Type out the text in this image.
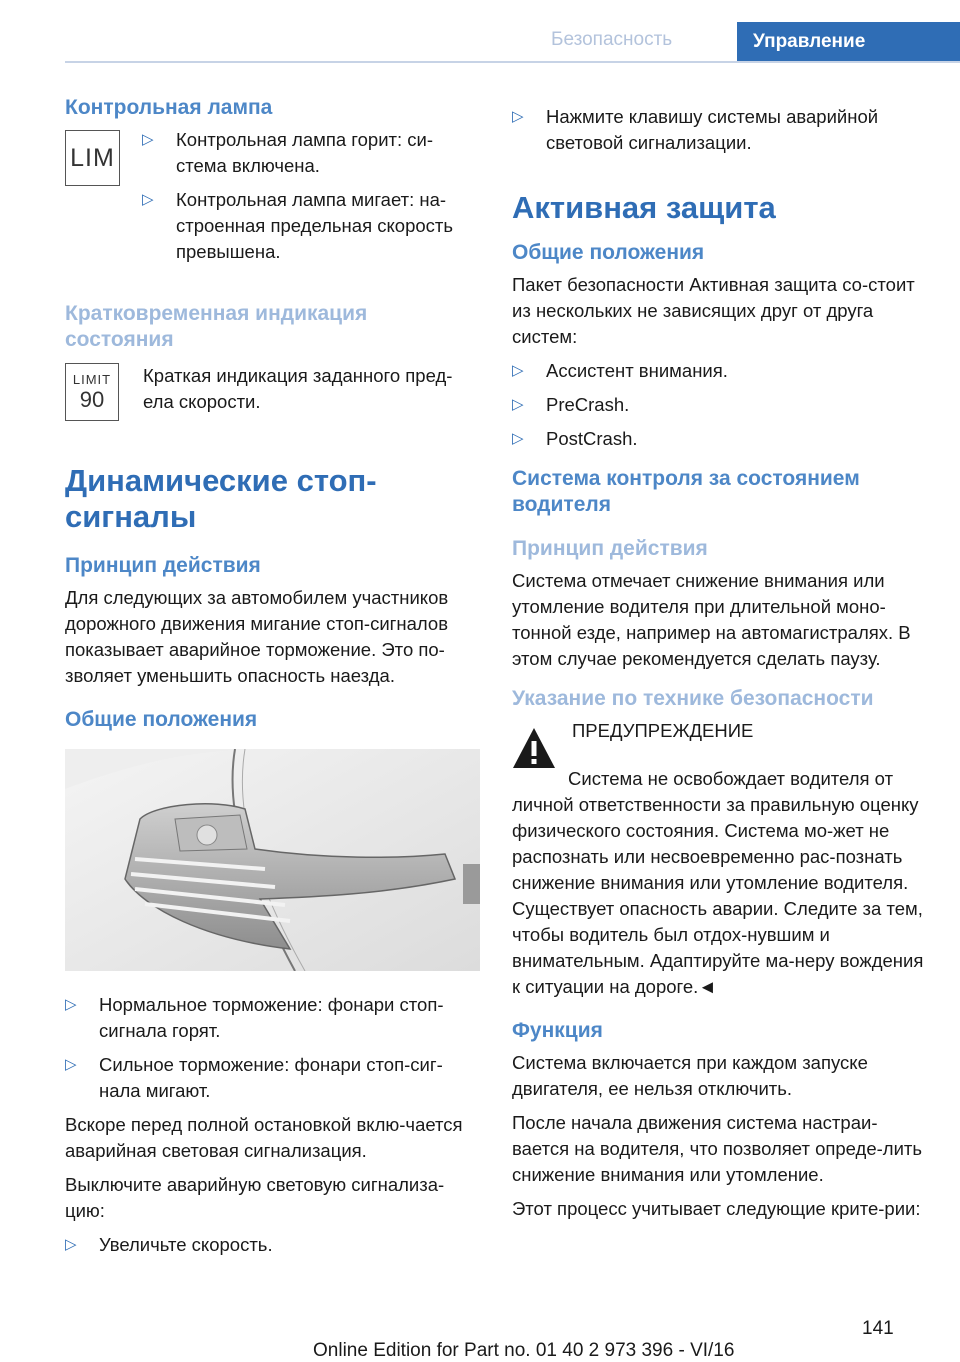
Безопасность	Управление
Контрольная лампа
LIM
▷ Контрольная лампа горит: си-стема включена.
▷ Контрольная лампа мигает: на-строенная предельная скорость превышена.
Кратковременная индикация состояния
LIMIT
90
Краткая индикация заданного пред-ела скорости.
Динамические стоп-сигналы
Принцип действия
Для следующих за автомобилем участников дорожного движения мигание стоп-сигналов показывает аварийное торможение. Это по-зволяет уменьшить опасность наезда.
Общие положения
▷ Нормальное торможение: фонари стоп-сигнала горят.
▷ Сильное торможение: фонари стоп-сиг-нала мигают.
Вскоре перед полной остановкой вклю-чается аварийная световая сигнализация.
Выключите аварийную световую сигнализа-цию:
▷ Увеличьте скорость.
▷ Нажмите клавишу системы аварийной световой сигнализации.
Активная защита
Общие положения
Пакет безопасности Активная защита со-стоит из нескольких не зависящих друг от друга систем:
▷ Ассистент внимания.
▷ PreCrash.
▷ PostCrash.
Система контроля за состоянием водителя
Принцип действия
Система отмечает снижение внимания или утомление водителя при длительной моно-тонной езде, например на автомагистралях. В этом случае рекомендуется сделать паузу.
Указание по технике безопасности
ПРЕДУПРЕЖДЕНИЕ
Система не освобождает водителя от личной ответственности за правильную оценку физического состояния. Система мо-жет не распознать или несвоевременно рас-познать снижение внимания или утомление водителя. Существует опасность аварии. Следите за тем, чтобы водитель был отдох-нувшим и внимательным. Адаптируйте ма-неру вождения к ситуации на дороге.◄
Функция
Система включается при каждом запуске двигателя, ее нельзя отключить.
После начала движения система настраи-вается на водителя, что позволяет опреде-лить снижение внимания или утомление.
Этот процесс учитывает следующие крите-рии:
141
Online Edition for Part no. 01 40 2 973 396 - VI/16
